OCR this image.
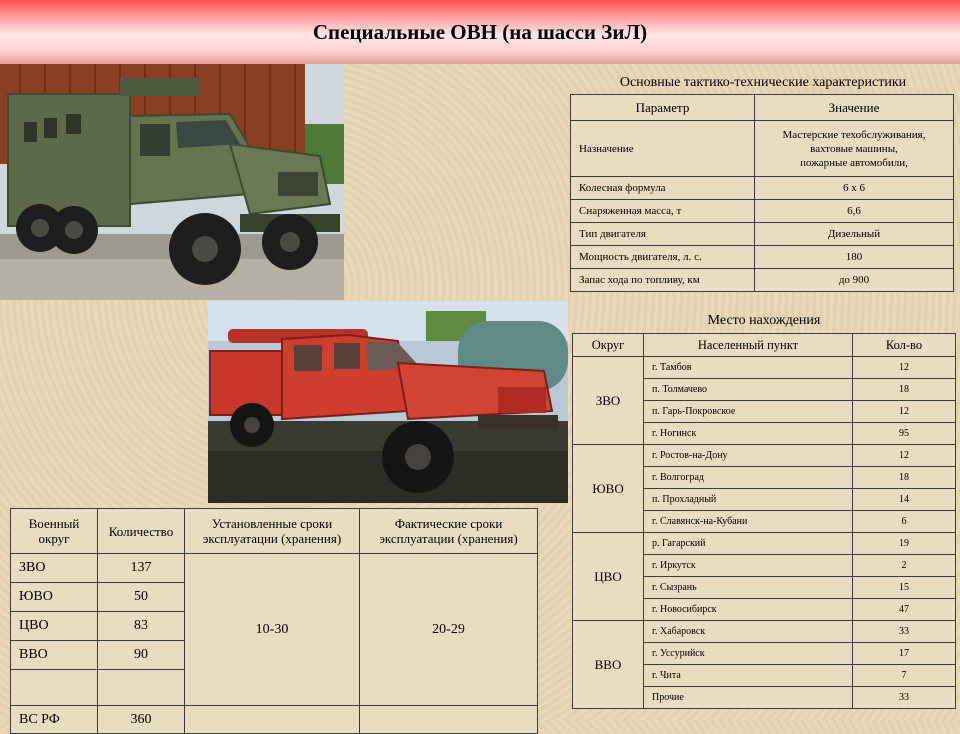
Специальные ОВН (на шасси ЗиЛ)
Основные тактико-технические характеристики
Параметр	Значение
Назначение	Мастерские техобслуживания,
вахтовые машины,
пожарные автомобили,

Колесная формула	6 х 6
Снаряженная масса, т	6,6
Тип двигателя	Дизельный
Мощность двигателя, л. с.	180
Запас хода по топливу, км	до 900
Место нахождения
Округ	Населенный пункт	Кол-во
ЗВО	г. Тамбов	12
	п. Толмачево	18
	п. Гарь-Покровское	12
	г. Ногинск	95
ЮВО	г. Ростов-на-Дону	12
	г. Волгоград	18
	п. Прохладный	14
	г. Славянск-на-Кубани	6
ЦВО	р. Гагарский	19
	г. Иркутск	2
	г. Сызрань	15
	г. Новосибирск	47
ВВО	г. Хабаровск	33
	г. Уссурийск	17
	г. Чита	7
	Прочие	33
Военный округ	Количество	Установленные сроки эксплуатации (хранения)	Фактические сроки эксплуатации (хранения)
ЗВО	137	10-30	20-29
ЮВО	50		
ЦВО	83		
ВВО	90		

ВС РФ	360		
